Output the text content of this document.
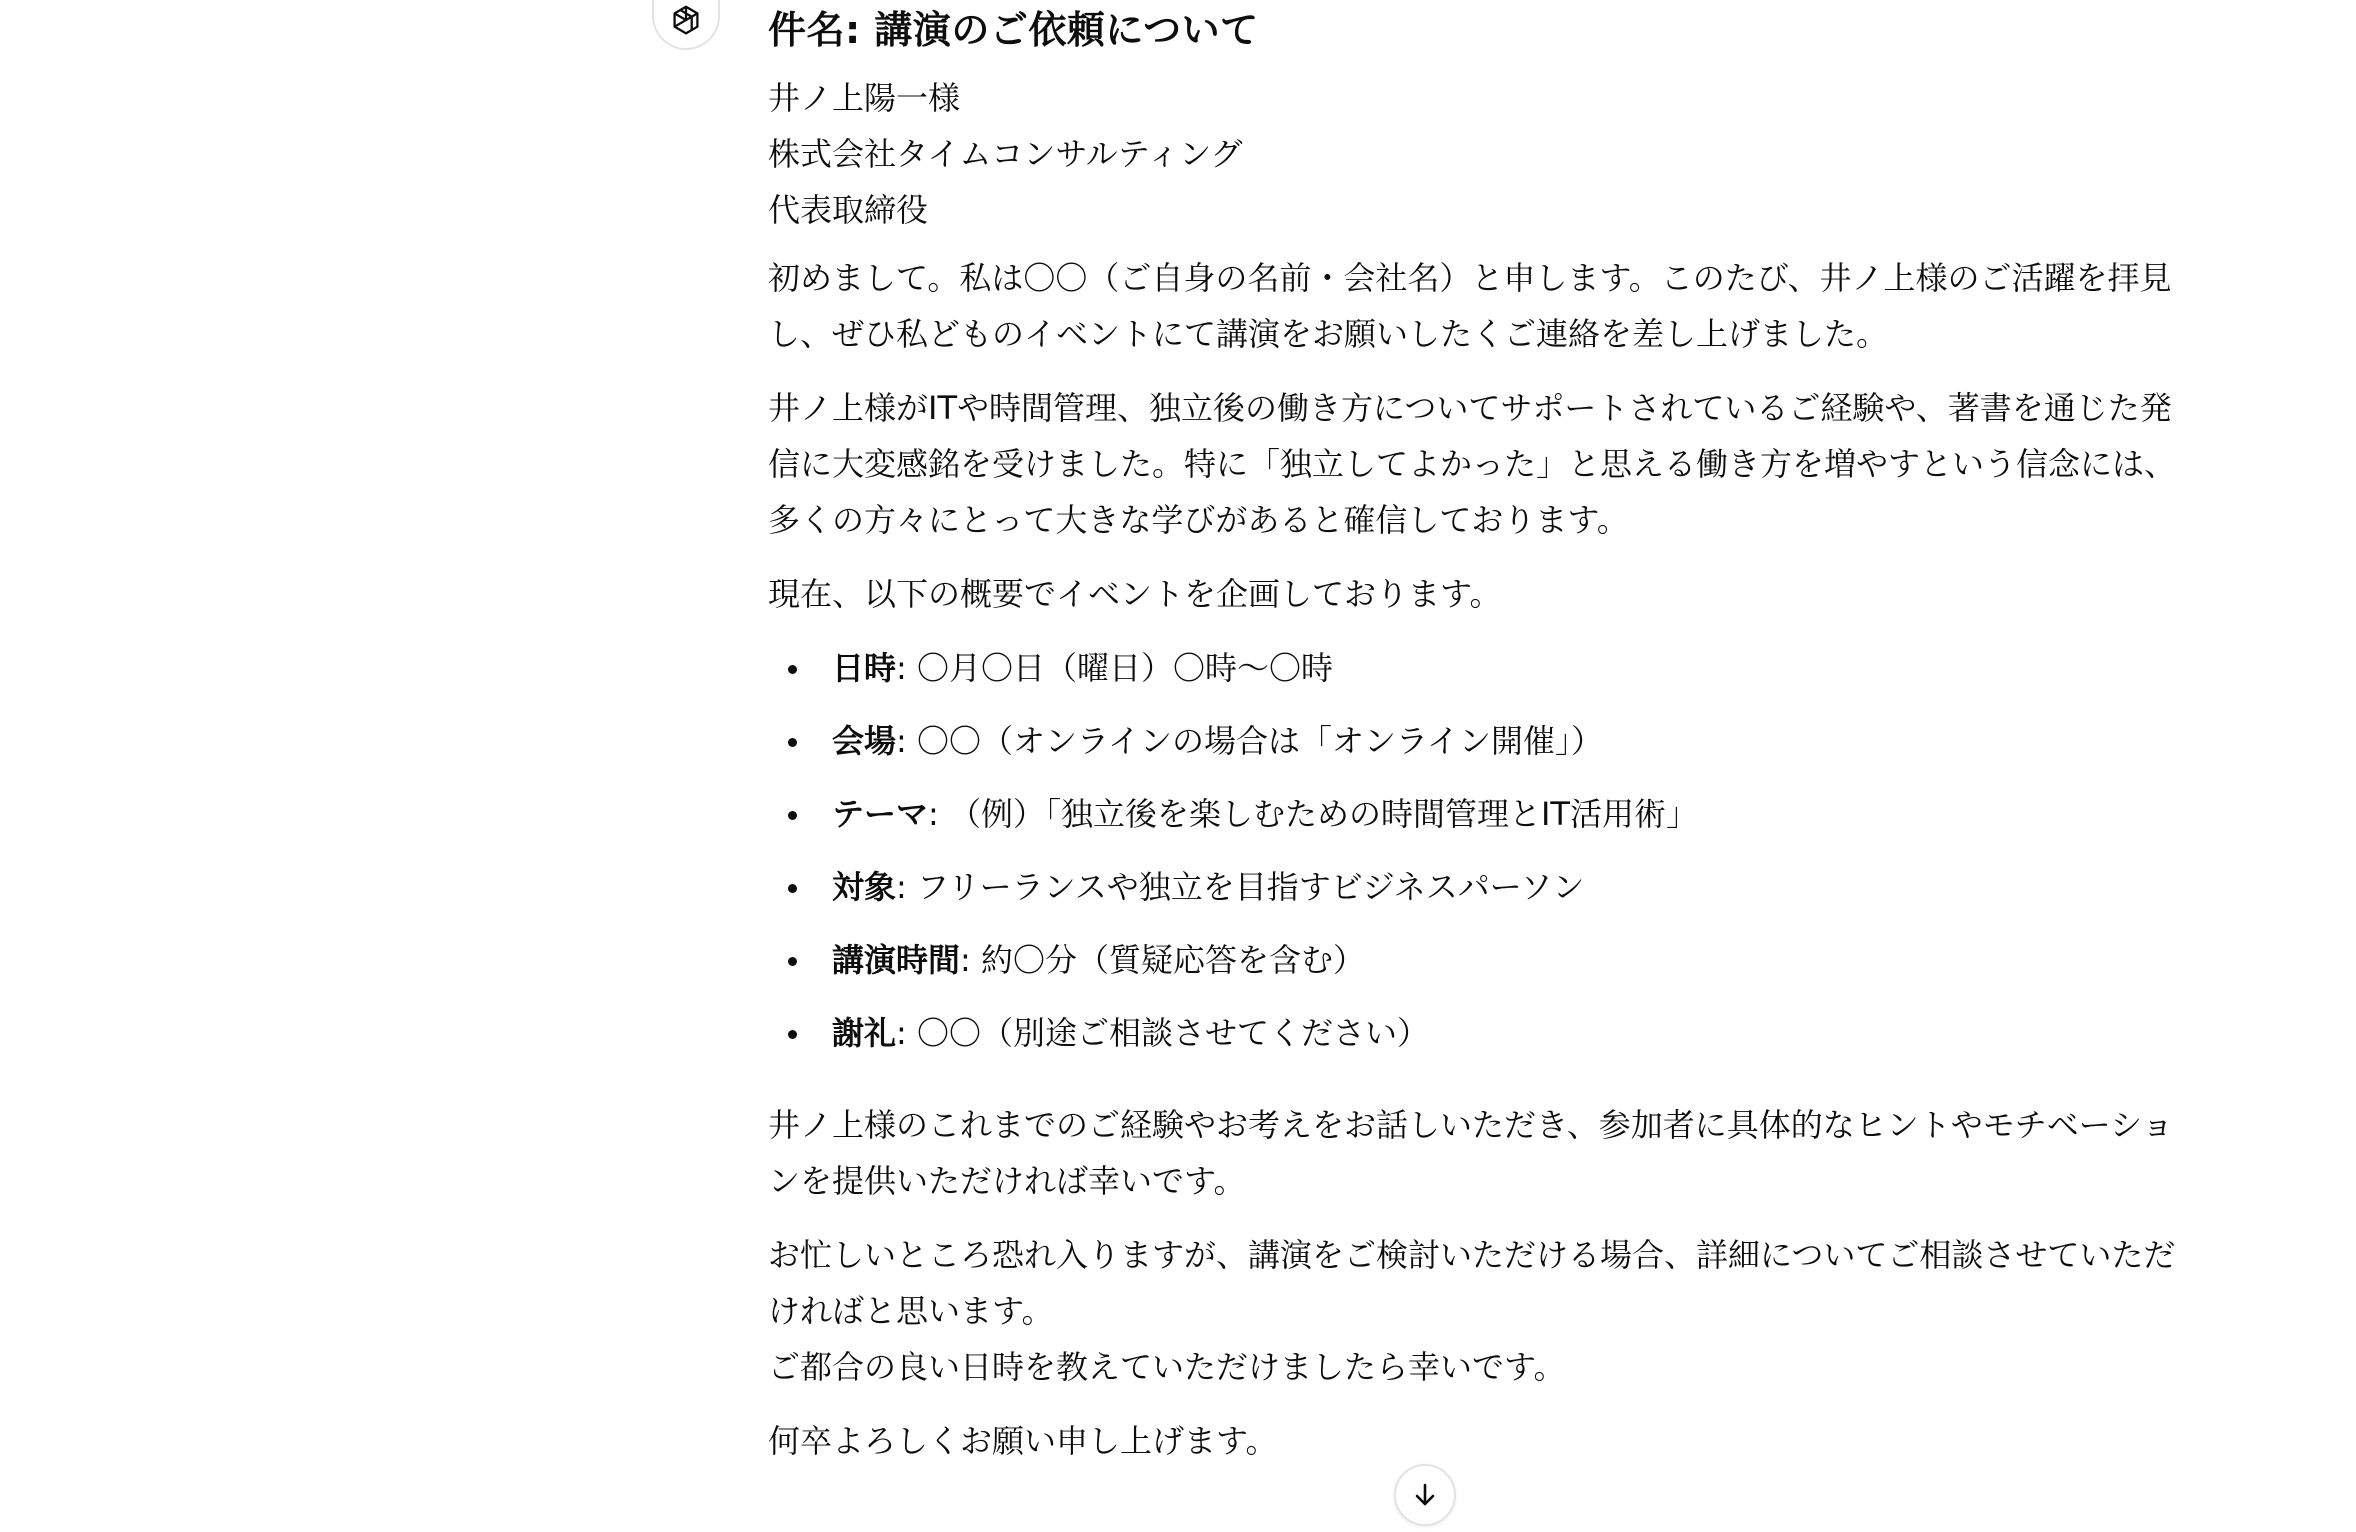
件名: 講演のご依頼について
井ノ上陽一様
株式会社タイムコンサルティング
代表取締役

初めまして。私は〇〇（ご自身の名前・会社名）と申します。このたび、井ノ上様のご活躍を拝見し、ぜひ私どものイベントにて講演をお願いしたくご連絡を差し上げました。

井ノ上様がITや時間管理、独立後の働き方についてサポートされているご経験や、著書を通じた発信に大変感銘を受けました。特に「独立してよかった」と思える働き方を増やすという信念には、多くの方々にとって大きな学びがあると確信しております。

現在、以下の概要でイベントを企画しております。

日時: 〇月〇日（曜日）〇時〜〇時
会場: 〇〇（オンラインの場合は「オンライン開催」）
テーマ: （例）「独立後を楽しむための時間管理とIT活用術」
対象: フリーランスや独立を目指すビジネスパーソン
講演時間: 約〇分（質疑応答を含む）
謝礼: 〇〇（別途ご相談させてください）

井ノ上様のこれまでのご経験やお考えをお話しいただき、参加者に具体的なヒントやモチベーションを提供いただければ幸いです。

お忙しいところ恐れ入りますが、講演をご検討いただける場合、詳細についてご相談させていただければと思います。

ご都合の良い日時を教えていただけましたら幸いです。

何卒よろしくお願い申し上げます。
